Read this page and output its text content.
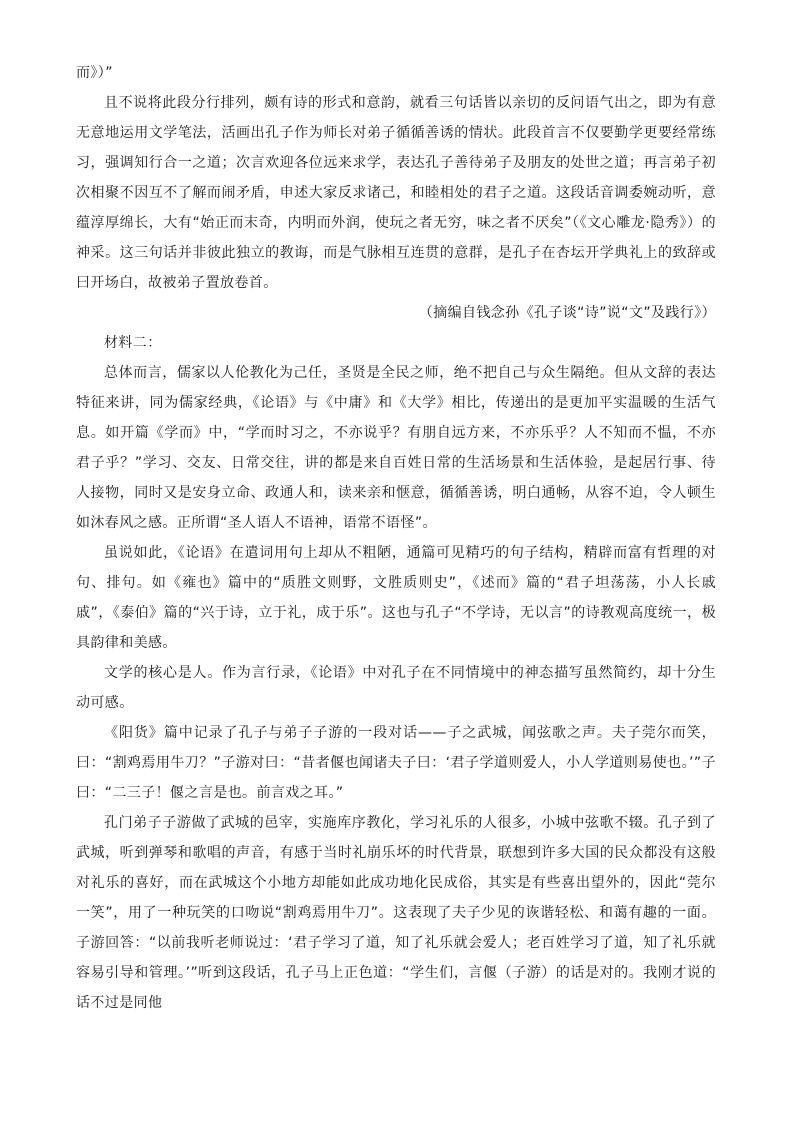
而》）”

且不说将此段分行排列，颇有诗的形式和意韵，就看三句话皆以亲切的反问语气出之，即为有意无意地运用文学笔法，活画出孔子作为师长对弟子循循善诱的情状。此段首言不仅要勤学更要经常练习，强调知行合一之道；次言欢迎各位远来求学，表达孔子善待弟子及朋友的处世之道；再言弟子初次相聚不因互不了解而闹矛盾，申述大家反求诸己，和睦相处的君子之道。这段话音调委婉动听，意蕴淳厚绵长，大有“始正而末奇，内明而外润，使玩之者无穷，味之者不厌矣”（《文心雕龙·隐秀》）的神采。这三句话并非彼此独立的教诲，而是气脉相互连贯的意群，是孔子在杏坛开学典礼上的致辞或曰开场白，故被弟子置放卷首。

（摘编自钱念孙《孔子谈“诗”说“文”及践行》）

材料二：

总体而言，儒家以人伦教化为己任，圣贤是全民之师，绝不把自己与众生隔绝。但从文辞的表达特征来讲，同为儒家经典，《论语》与《中庸》和《大学》相比，传递出的是更加平实温暖的生活气息。如开篇《学而》中，“学而时习之，不亦说乎？有朋自远方来，不亦乐乎？人不知而不愠，不亦君子乎？”学习、交友、日常交往，讲的都是来自百姓日常的生活场景和生活体验，是起居行事、待人接物，同时又是安身立命、政通人和，读来亲和惬意，循循善诱，明白通畅，从容不迫，令人顿生如沐春风之感。正所谓“圣人语人不语神，语常不语怪”。

虽说如此，《论语》在遣词用句上却从不粗陋，通篇可见精巧的句子结构，精辟而富有哲理的对句、排句。如《雍也》篇中的“质胜文则野，文胜质则史”，《述而》篇的“君子坦荡荡，小人长戚戚”，《泰伯》篇的“兴于诗，立于礼，成于乐”。这也与孔子“不学诗，无以言”的诗教观高度统一，极具韵律和美感。

文学的核心是人。作为言行录，《论语》中对孔子在不同情境中的神态描写虽然简约，却十分生动可感。

《阳货》篇中记录了孔子与弟子子游的一段对话——子之武城，闻弦歌之声。夫子莞尔而笑，曰：“割鸡焉用牛刀？”子游对曰：“昔者偃也闻诸夫子曰：‘君子学道则爱人，小人学道则易使也。’”子曰：“二三子！偃之言是也。前言戏之耳。”

孔门弟子子游做了武城的邑宰，实施库序教化，学习礼乐的人很多，小城中弦歌不辍。孔子到了武城，听到弹琴和歌唱的声音，有感于当时礼崩乐坏的时代背景，联想到许多大国的民众都没有这般对礼乐的喜好，而在武城这个小地方却能如此成功地化民成俗，其实是有些喜出望外的，因此“莞尔一笑”，用了一种玩笑的口吻说“割鸡焉用牛刀”。这表现了夫子少见的诙谐轻松、和蔼有趣的一面。子游回答：“以前我听老师说过：‘君子学习了道，知了礼乐就会爱人；老百姓学习了道，知了礼乐就容易引导和管理。’”听到这段话，孔子马上正色道：“学生们，言偃（子游）的话是对的。我刚才说的话不过是同他
